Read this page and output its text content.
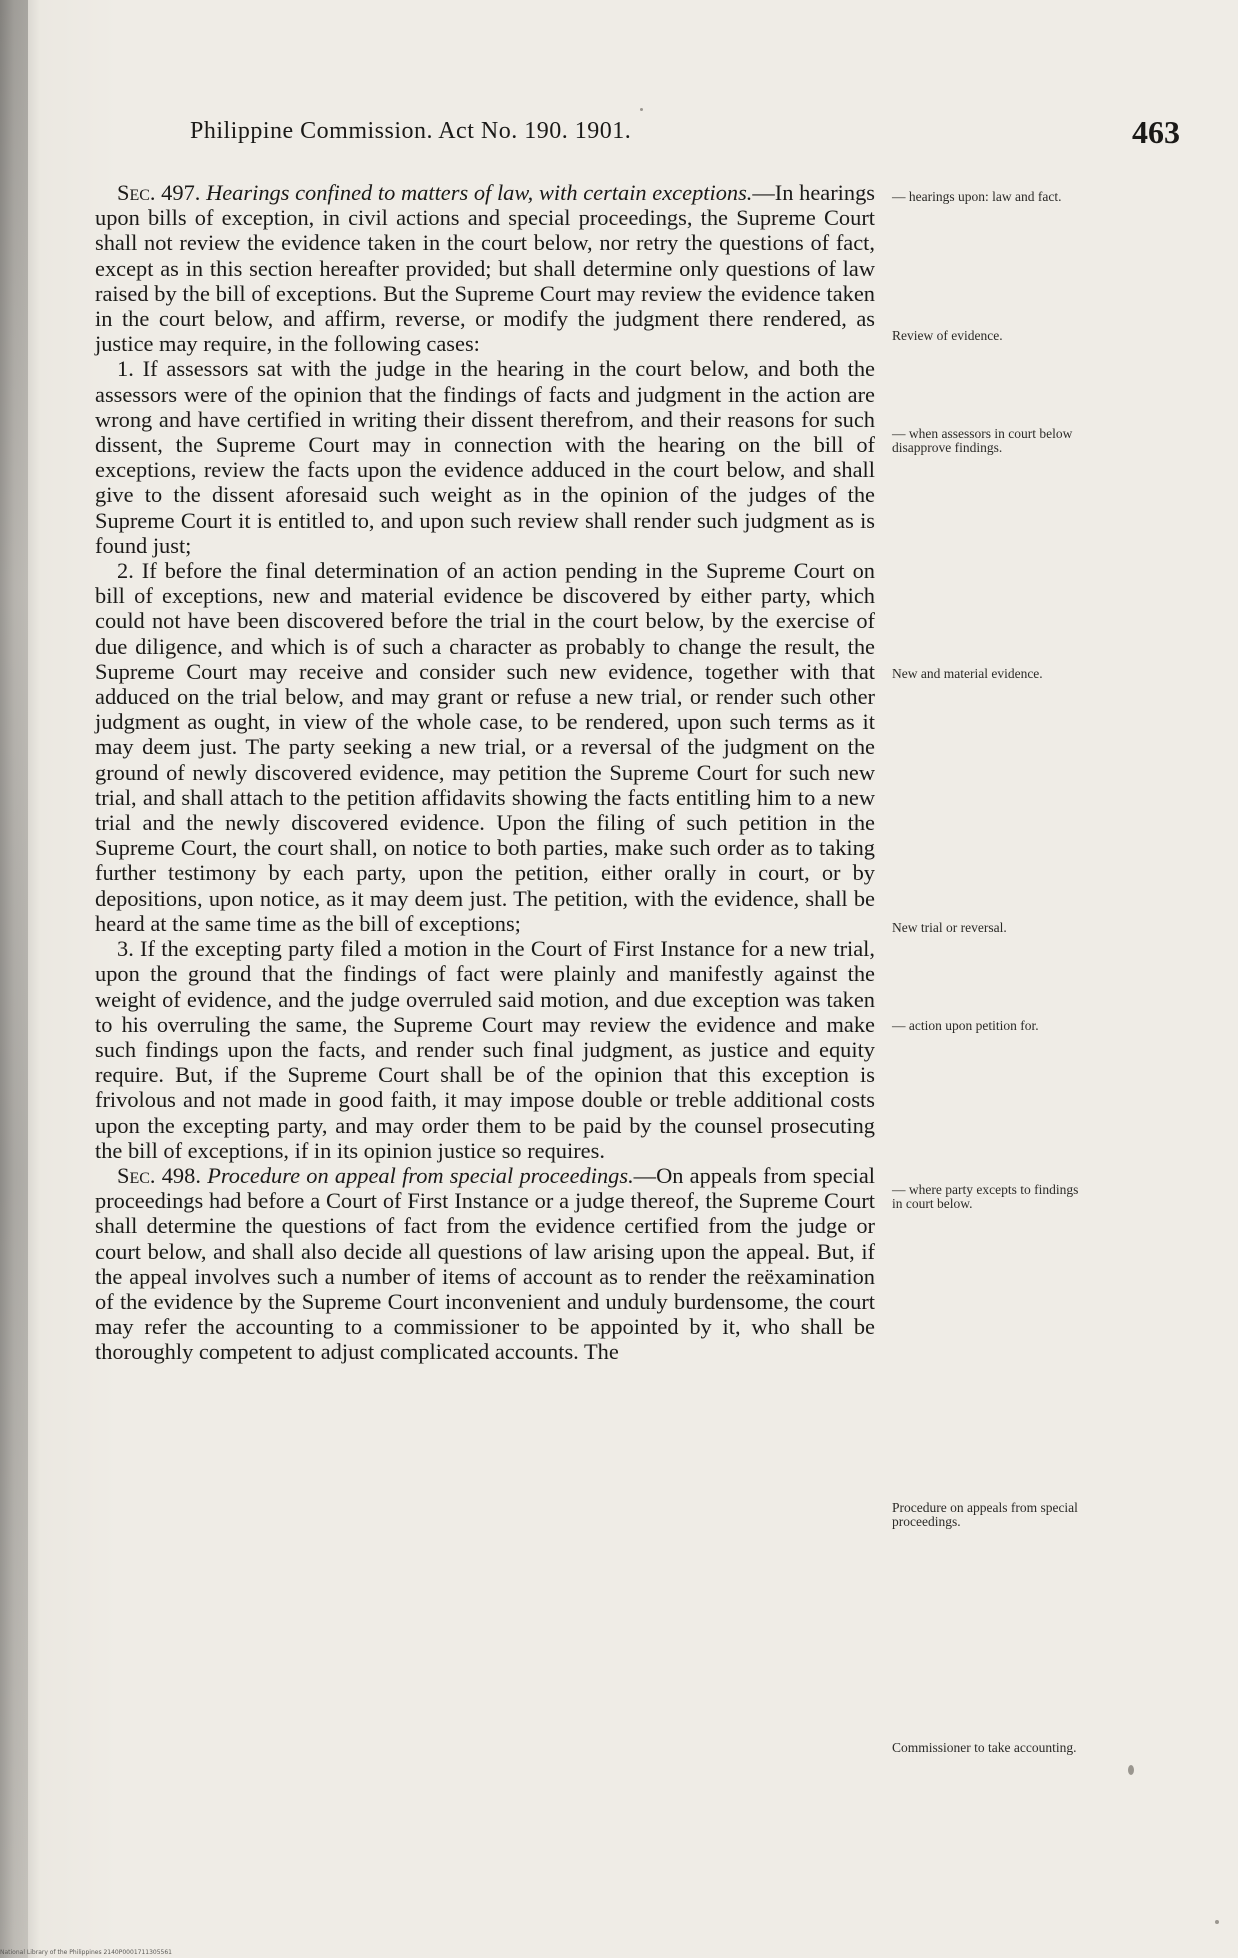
Philippine Commission. Act No. 190. 1901.	463

Sec. 497. Hearings confined to matters of law, with certain exceptions.—In hearings upon bills of exception, in civil actions and special proceedings, the Supreme Court shall not review the evidence taken in the court below, nor retry the questions of fact, except as in this section hereafter provided; but shall determine only questions of law raised by the bill of exceptions. But the Supreme Court may review the evidence taken in the court below, and affirm, reverse, or modify the judgment there rendered, as justice may require, in the following cases:

1. If assessors sat with the judge in the hearing in the court below, and both the assessors were of the opinion that the findings of facts and judgment in the action are wrong and have certified in writing their dissent therefrom, and their reasons for such dissent, the Supreme Court may in connection with the hearing on the bill of exceptions, review the facts upon the evidence adduced in the court below, and shall give to the dissent aforesaid such weight as in the opinion of the judges of the Supreme Court it is entitled to, and upon such review shall render such judgment as is found just;

2. If before the final determination of an action pending in the Supreme Court on bill of exceptions, new and material evidence be discovered by either party, which could not have been discovered before the trial in the court below, by the exercise of due diligence, and which is of such a character as probably to change the result, the Supreme Court may receive and consider such new evidence, together with that adduced on the trial below, and may grant or refuse a new trial, or render such other judgment as ought, in view of the whole case, to be rendered, upon such terms as it may deem just. The party seeking a new trial, or a reversal of the judgment on the ground of newly discovered evidence, may petition the Supreme Court for such new trial, and shall attach to the petition affidavits showing the facts entitling him to a new trial and the newly discovered evidence. Upon the filing of such petition in the Supreme Court, the court shall, on notice to both parties, make such order as to taking further testimony by each party, upon the petition, either orally in court, or by depositions, upon notice, as it may deem just. The petition, with the evidence, shall be heard at the same time as the bill of exceptions;

3. If the excepting party filed a motion in the Court of First Instance for a new trial, upon the ground that the findings of fact were plainly and manifestly against the weight of evidence, and the judge overruled said motion, and due exception was taken to his overruling the same, the Supreme Court may review the evidence and make such findings upon the facts, and render such final judgment, as justice and equity require. But, if the Supreme Court shall be of the opinion that this exception is frivolous and not made in good faith, it may impose double or treble additional costs upon the excepting party, and may order them to be paid by the counsel prosecuting the bill of exceptions, if in its opinion justice so requires.

Sec. 498. Procedure on appeal from special proceedings.—On appeals from special proceedings had before a Court of First Instance or a judge thereof, the Supreme Court shall determine the questions of fact from the evidence certified from the judge or court below, and shall also decide all questions of law arising upon the appeal. But, if the appeal involves such a number of items of account as to render the reëxamination of the evidence by the Supreme Court inconvenient and unduly burdensome, the court may refer the accounting to a commissioner to be appointed by it, who shall be thoroughly competent to adjust complicated accounts. The

— hearings upon: law and fact.
Review of evidence.
— when assessors in court below disapprove findings.
New and material evidence.
New trial or reversal.
— action upon petition for.
— where party excepts to findings in court below.
Procedure on appeals from special proceedings.
Commissioner to take accounting.
National Library of the Philippines 2140P0001711305561
